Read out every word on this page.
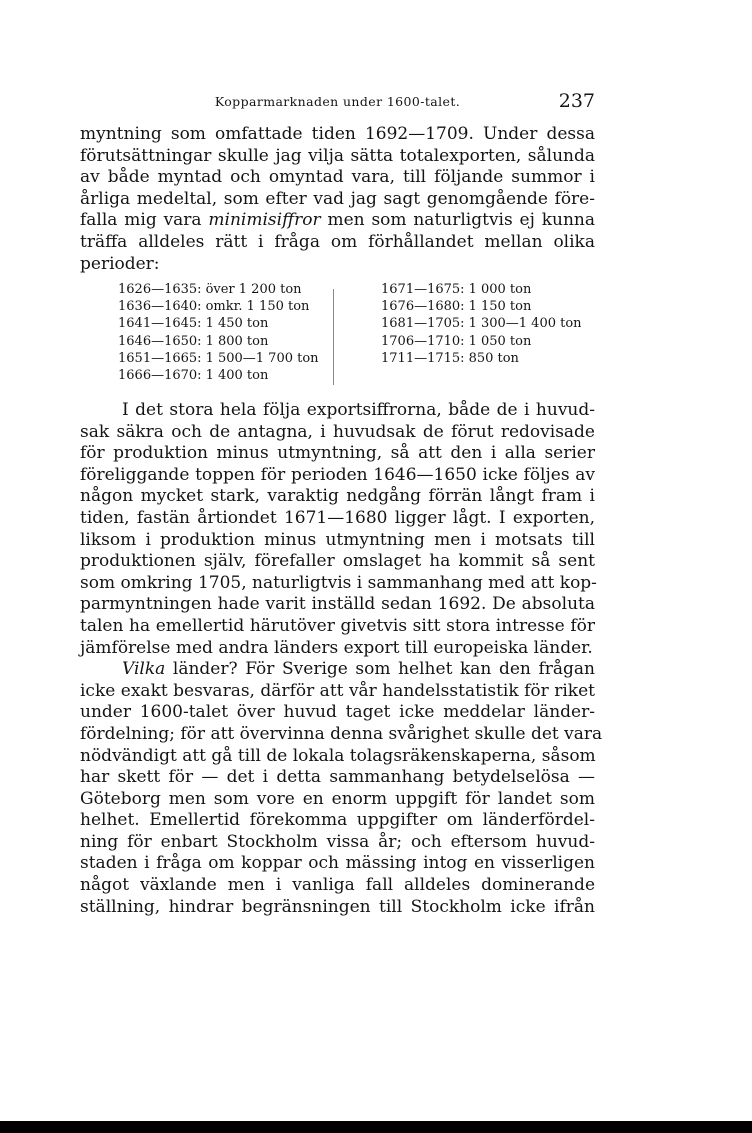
Kopparmarknaden under 1600-talet.	237
myntning som omfattade tiden 1692—1709. Under dessa
förutsättningar skulle jag vilja sätta totalexporten, sålunda
av både myntad och omyntad vara, till följande summor i
årliga medeltal, som efter vad jag sagt genomgående före-
falla mig vara minimisiffror men som naturligtvis ej kunna
träffa alldeles rätt i fråga om förhållandet mellan olika
perioder:
1626—1635: över 1 200 ton
1636—1640: omkr. 1 150 ton
1641—1645: 1 450 ton
1646—1650: 1 800 ton
1651—1665: 1 500—1 700 ton
1666—1670: 1 400 ton
1671—1675: 1 000 ton
1676—1680: 1 150 ton
1681—1705: 1 300—1 400 ton
1706—1710: 1 050 ton
1711—1715:850 ton
I det stora hela följa exportsiffrorna, både de i huvud-
sak säkra och de antagna, i huvudsak de förut redovisade
för produktion minus utmyntning, så att den i alla serier
föreliggande toppen för perioden 1646—1650 icke följes av
någon mycket stark, varaktig nedgång förrän långt fram i
tiden, fastän årtiondet 1671—1680 ligger lågt. I exporten,
liksom i produktion minus utmyntning men i motsats till
produktionen själv, förefaller omslaget ha kommit så sent
som omkring 1705, naturligtvis i sammanhang med att kop-
parmyntningen hade varit inställd sedan 1692. De absoluta
talen ha emellertid härutöver givetvis sitt stora intresse för
jämförelse med andra länders export till europeiska länder.
Vilka länder? För Sverige som helhet kan den frågan
icke exakt besvaras, därför att vår handelsstatistik för riket
under 1600-talet över huvud taget icke meddelar länder-
fördelning; för att övervinna denna svårighet skulle det vara
nödvändigt att gå till de lokala tolagsräkenskaperna, såsom
har skett för — det i detta sammanhang betydelselösa —
Göteborg men som vore en enorm uppgift för landet som
helhet. Emellertid förekomma uppgifter om länderfördel-
ning för enbart Stockholm vissa år; och eftersom huvud-
staden i fråga om koppar och mässing intog en visserligen
något växlande men i vanliga fall alldeles dominerande
ställning, hindrar begränsningen till Stockholm icke ifrån
